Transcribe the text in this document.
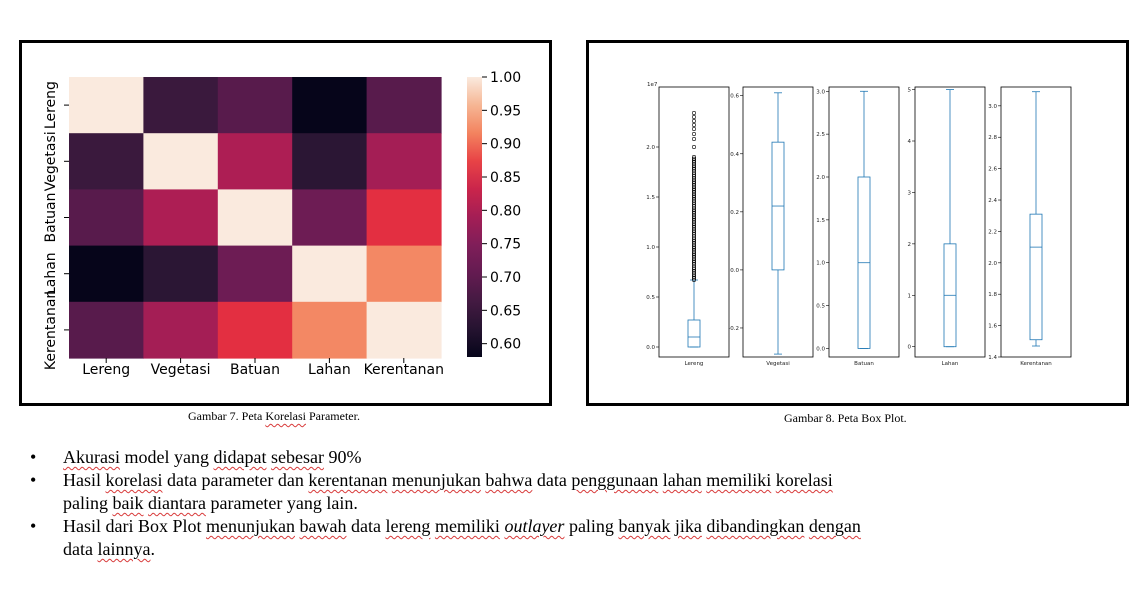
Lereng
Lereng
Vegetasi
Vegetasi
Batuan
Batuan
Lahan
Lahan
Kerentanan
Kerentanan
1.00
0.95
0.90
0.85
0.80
0.75
0.70
0.65
0.60	0.0
0.5
1.0
1.5
2.0
1e7
Lereng
-0.2
0.0
0.2
0.4
0.6
Vegetasi
0.0
0.5
1.0
1.5
2.0
2.5
3.0
Batuan
0
1
2
3
4
5
Lahan
1.4
1.6
1.8
2.0
2.2
2.4
2.6
2.8
3.0
Kerentanan
Gambar 7. Peta Korelasi Parameter.	Gambar 8. Peta Box Plot.
• Akurasi model yang didapat sebesar 90%
• Hasil korelasi data parameter dan kerentanan menunjukan bahwa data penggunaan lahan memiliki korelasi paling baik diantara parameter yang lain.
• Hasil dari Box Plot menunjukan bawah data lereng memiliki outlayer paling banyak jika dibandingkan dengan data lainnya.
